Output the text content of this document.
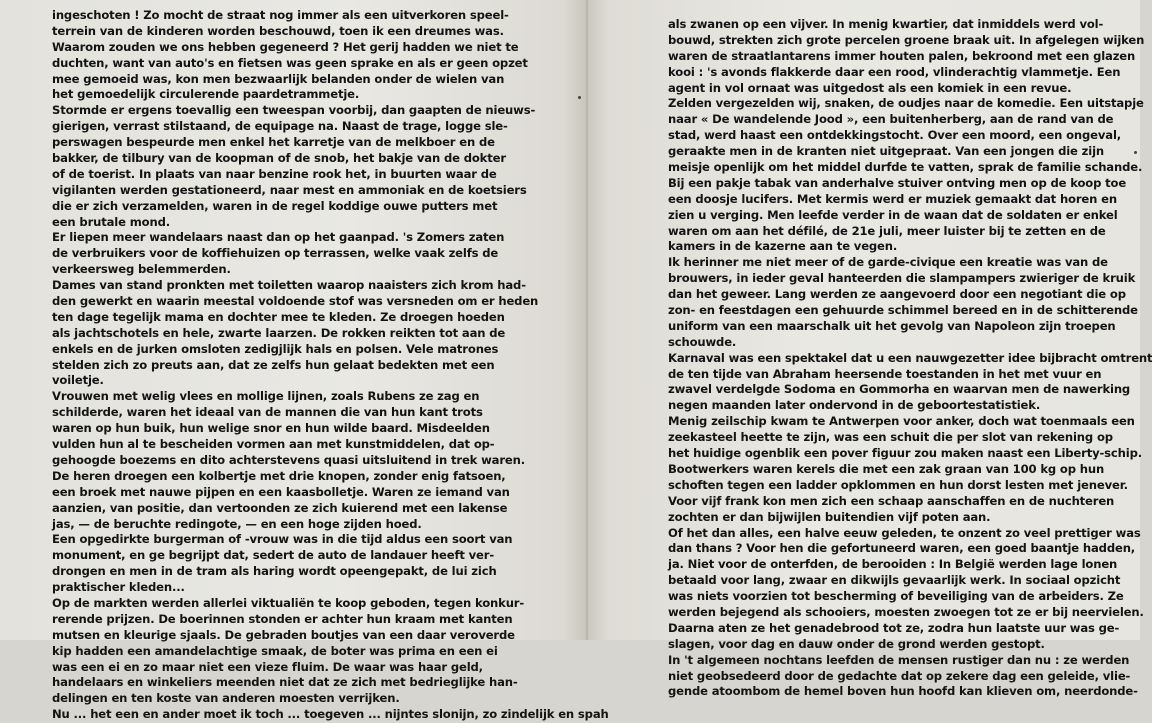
ingeschoten ! Zo mocht de straat nog immer als een uitverkoren speel-
terrein van de kinderen worden beschouwd, toen ik een dreumes was.
Waarom zouden we ons hebben gegeneerd ? Het gerij hadden we niet te
duchten, want van auto's en fietsen was geen sprake en als er geen opzet
mee gemoeid was, kon men bezwaarlijk belanden onder de wielen van
het gemoedelijk circulerende paardetrammetje.
Stormde er ergens toevallig een tweespan voorbij, dan gaapten de nieuws-
gierigen, verrast stilstaand, de equipage na. Naast de trage, logge sle-
perswagen bespeurde men enkel het karretje van de melkboer en de
bakker, de tilbury van de koopman of de snob, het bakje van de dokter
of de toerist. In plaats van naar benzine rook het, in buurten waar de
vigilanten werden gestationeerd, naar mest en ammoniak en de koetsiers
die er zich verzamelden, waren in de regel koddige ouwe putters met
een brutale mond.
Er liepen meer wandelaars naast dan op het gaanpad. 's Zomers zaten
de verbruikers voor de koffiehuizen op terrassen, welke vaak zelfs de
verkeersweg belemmerden.
Dames van stand pronkten met toiletten waarop naaisters zich krom had-
den gewerkt en waarin meestal voldoende stof was versneden om er heden
ten dage tegelijk mama en dochter mee te kleden. Ze droegen hoeden
als jachtschotels en hele, zwarte laarzen. De rokken reikten tot aan de
enkels en de jurken omsloten zedigjlijk hals en polsen. Vele matrones
stelden zich zo preuts aan, dat ze zelfs hun gelaat bedekten met een
voiletje.
Vrouwen met welig vlees en mollige lijnen, zoals Rubens ze zag en
schilderde, waren het ideaal van de mannen die van hun kant trots
waren op hun buik, hun welige snor en hun wilde baard. Misdeelden
vulden hun al te bescheiden vormen aan met kunstmiddelen, dat op-
gehoogde boezems en dito achterstevens quasi uitsluitend in trek waren.
De heren droegen een kolbertje met drie knopen, zonder enig fatsoen,
een broek met nauwe pijpen en een kaasbolletje. Waren ze iemand van
aanzien, van positie, dan vertoonden ze zich kuierend met een lakense
jas, — de beruchte redingote, — en een hoge zijden hoed.
Een opgedirkte burgerman of -vrouw was in die tijd aldus een soort van
monument, en ge begrijpt dat, sedert de auto de landauer heeft ver-
drongen en men in de tram als haring wordt opeengepakt, de lui zich
praktischer kleden...
Op de markten werden allerlei viktualiën te koop geboden, tegen konkur-
rerende prijzen. De boerinnen stonden er achter hun kraam met kanten
mutsen en kleurige sjaals. De gebraden boutjes van een daar veroverde
kip hadden een amandelachtige smaak, de boter was prima en een ei
was een ei en zo maar niet een vieze fluim. De waar was haar geld,
handelaars en winkeliers meenden niet dat ze zich met bedrieglijke han-
delingen en ten koste van anderen moesten verrijken.
Nu ... het een en ander moet ik toch ... toegeven ... nijntes slonijn, zo zindelijk en spah
als zwanen op een vijver. In menig kwartier, dat inmiddels werd vol-
bouwd, strekten zich grote percelen groene braak uit. In afgelegen wijken
waren de straatlantarens immer houten palen, bekroond met een glazen
kooi : 's avonds flakkerde daar een rood, vlinderachtig vlammetje. Een
agent in vol ornaat was uitgedost als een komiek in een revue.
Zelden vergezelden wij, snaken, de oudjes naar de komedie. Een uitstapje
naar « De wandelende Jood », een buitenherberg, aan de rand van de
stad, werd haast een ontdekkingstocht. Over een moord, een ongeval,
geraakte men in de kranten niet uitgepraat. Van een jongen die zijn
meisje openlijk om het middel durfde te vatten, sprak de familie schande.
Bij een pakje tabak van anderhalve stuiver ontving men op de koop toe
een doosje lucifers. Met kermis werd er muziek gemaakt dat horen en
zien u verging. Men leefde verder in de waan dat de soldaten er enkel
waren om aan het défilé, de 21e juli, meer luister bij te zetten en de
kamers in de kazerne aan te vegen.
Ik herinner me niet meer of de garde-civique een kreatie was van de
brouwers, in ieder geval hanteerden die slampampers zwieriger de kruik
dan het geweer. Lang werden ze aangevoerd door een negotiant die op
zon- en feestdagen een gehuurde schimmel bereed en in de schitterende
uniform van een maarschalk uit het gevolg van Napoleon zijn troepen
schouwde.
Karnaval was een spektakel dat u een nauwgezetter idee bijbracht omtrent
de ten tijde van Abraham heersende toestanden in het met vuur en
zwavel verdelgde Sodoma en Gommorha en waarvan men de nawerking
negen maanden later ondervond in de geboortestatistiek.
Menig zeilschip kwam te Antwerpen voor anker, doch wat toenmaals een
zeekasteel heette te zijn, was een schuit die per slot van rekening op
het huidige ogenblik een pover figuur zou maken naast een Liberty-schip.
Bootwerkers waren kerels die met een zak graan van 100 kg op hun
schoften tegen een ladder opklommen en hun dorst lesten met jenever.
Voor vijf frank kon men zich een schaap aanschaffen en de nuchteren
zochten er dan bijwijlen buitendien vijf poten aan.
Of het dan alles, een halve eeuw geleden, te onzent zo veel prettiger was
dan thans ? Voor hen die gefortuneerd waren, een goed baantje hadden,
ja. Niet voor de onterfden, de berooiden : In België werden lage lonen
betaald voor lang, zwaar en dikwijls gevaarlijk werk. In sociaal opzicht
was niets voorzien tot bescherming of beveiliging van de arbeiders. Ze
werden bejegend als schooiers, moesten zwoegen tot ze er bij neervielen.
Daarna aten ze het genadebrood tot ze, zodra hun laatste uur was ge-
slagen, voor dag en dauw onder de grond werden gestopt.
In 't algemeen nochtans leefden de mensen rustiger dan nu : ze werden
niet geobsedeerd door de gedachte dat op zekere dag een geleide, vlie-
gende atoombom de hemel boven hun hoofd kan klieven om, neerdonde-
